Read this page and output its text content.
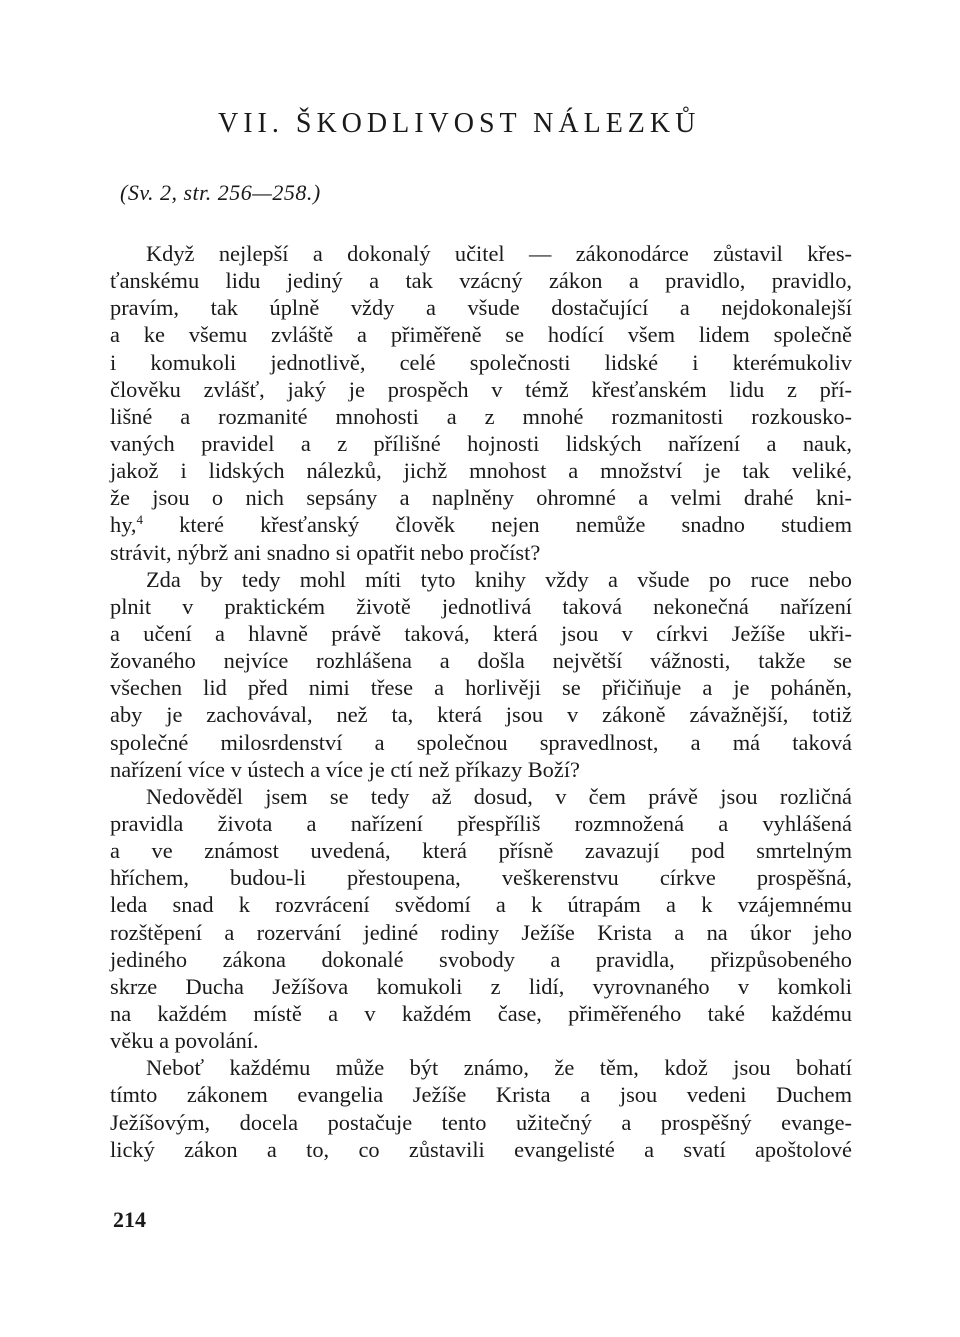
VII. ŠKODLIVOST NÁLEZKŮ
(Sv. 2, str. 256—258.)

Když nejlepší a dokonalý učitel — zákonodárce zůstavil křes-
ťanskému lidu jediný a tak vzácný zákon a pravidlo, pravidlo,
pravím, tak úplně vždy a všude dostačující a nejdokonalejší
a ke všemu zvláště a přiměřeně se hodící všem lidem společně
i komukoli jednotlivě, celé společnosti lidské i kterémukoliv
člověku zvlášť, jaký je prospěch v témž křesťanském lidu z pří-
lišné a rozmanité mnohosti a z mnohé rozmanitosti rozkousko-
vaných pravidel a z přílišné hojnosti lidských nařízení a nauk,
jakož i lidských nálezků, jichž mnohost a množství je tak veliké,
že jsou o nich sepsány a naplněny ohromné a velmi drahé kni-
hy,$^4$ které křesťanský člověk nejen nemůže snadno studiem
strávit, nýbrž ani snadno si opatřit nebo pročíst?

Zda by tedy mohl míti tyto knihy vždy a všude po ruce nebo
plnit v praktickém životě jednotlivá taková nekonečná nařízení
a učení a hlavně právě taková, která jsou v církvi Ježíše ukři-
žovaného nejvíce rozhlášena a došla největší vážnosti, takže se
všechen lid před nimi třese a horlivěji se přičiňuje a je poháněn,
aby je zachovával, než ta, která jsou v zákoně závažnější, totiž
společné milosrdenství a společnou spravedlnost, a má taková
nařízení více v ústech a více je ctí než příkazy Boží?

Nedověděl jsem se tedy až dosud, v čem právě jsou rozličná
pravidla života a nařízení přespříliš rozmnožená a vyhlášená
a ve známost uvedená, která přísně zavazují pod smrtelným
hříchem, budou-li přestoupena, veškerenstvu církve prospěšná,
leda snad k rozvrácení svědomí a k útrapám a k vzájemnému
rozštěpení a rozervání jediné rodiny Ježíše Krista a na úkor jeho
jediného zákona dokonalé svobody a pravidla, přizpůsobeného
skrze Ducha Ježíšova komukoli z lidí, vyrovnaného v komkoli
na každém místě a v každém čase, přiměřeného také každému
věku a povolání.

Neboť každému může být známo, že těm, kdož jsou bohatí
tímto zákonem evangelia Ježíše Krista a jsou vedeni Duchem
Ježíšovým, docela postačuje tento užitečný a prospěšný evange-
lický zákon a to, co zůstavili evangelisté a svatí apoštolové

214
